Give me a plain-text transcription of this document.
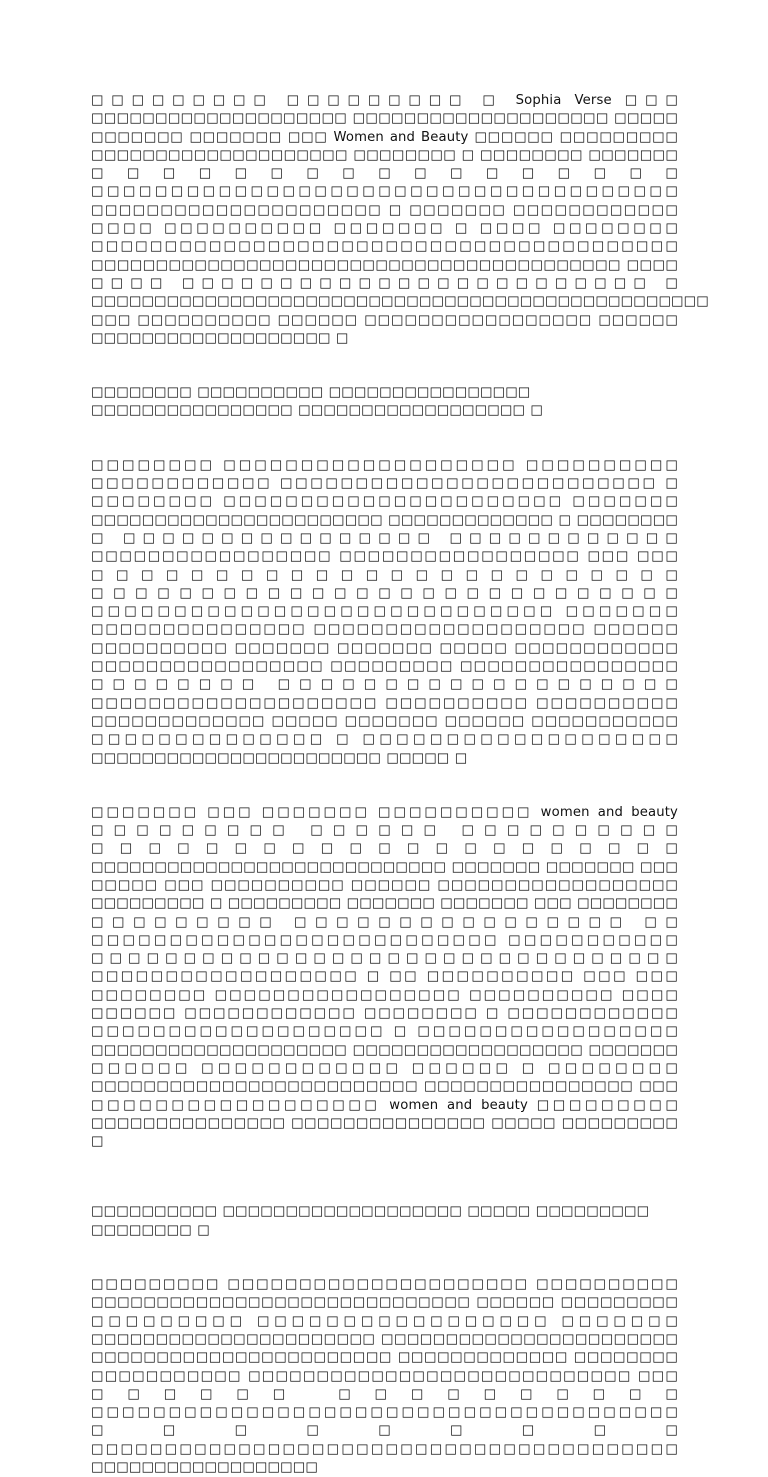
□□□□□□□□□ □□□□□□□□□ □ Sophia Verse □□□ □□□□□□□□□□□□□□□□□□□□ □□□□□□□□□□□□□□□□□□□□ □□□□□ □□□□□□□ □□□□□□□ □□□ Women and Beauty □□□□□□ □□□□□□□□□ □□□□□□□□□□□□□□□□□□□□ □□□□□□□□ □ □□□□□□□□ □□□□□□□ □□□□□□□□□□□□□□□□□ □□□□□□□□□□□□□□□□□□□□□□□□□□□□□□□□□□□□□ □□□□□□□□□□□□□□□□□□□□□ □ □□□□□□□ □□□□□□□□□□□□ □□□□ □□□□□□□□□□ □□□□□□□ □ □□□□ □□□□□□□□ □□□□□□□□□□□□□□□□□□□□□□□□□□□□□□□□□□□□□□□□ □□□□□□□□□□□□□□□□□□□□□□□□□□□□□□□□□□□□□□□□□ □□□□ □□□□ □□□□□□□□□□□□□□□□□□□□□□□□ □ □□□□□□□□□□□□□□□□□□□□□□□□□□□□□□□□□□□□□□□□□□□□□□□□□ □□□ □□□□□□□□□□ □□□□□□ □□□□□□□□□□□□□□□□□ □□□□□□ □□□□□□□□□□□□□□□□□□□ □

□□□□□□□□ □□□□□□□□□□ □□□□□□□□□□□□□□□□ □□□□□□□□□□□□□□□□ □□□□□□□□□□□□□□□□□□ □

□□□□□□□□ □□□□□□□□□□□□□□□□□□□ □□□□□□□□□□ □□□□□□□□□□□□ □□□□□□□□□□□□□□□□□□□□□□□□□ □ □□□□□□□□ □□□□□□□□□□□□□□□□□□□□□□ □□□□□□□ □□□□□□□□□□□□□□□□□□□□□□□ □□□□□□□□□□□□□ □ □□□□□□□□ □ □□□□□□□□□□□□□□□□ □□□□□□□□□□□□ □□□□□□□□□□□□□□□□□ □□□□□□□□□□□□□□□□□ □□□ □□□ □□□□□□□□□□□□□□□□□□□□□□□□ □□□□□□□□□□□□□□□□□□□□□□□□□□□ □□□□□□□□□□□□□□□□□□□□□□□□□□□□ □□□□□□□ □□□□□□□□□□□□□□□ □□□□□□□□□□□□□□□□□□□ □□□□□□ □□□□□□□□□□ □□□□□□□ □□□□□□□ □□□□□ □□□□□□□□□□□□ □□□□□□□□□□□□□□□□□ □□□□□□□□□ □□□□□□□□□□□□□□□□ □□□□□□□□ □□□□□□□□□□□□□□□□□□□ □□□□□□□□□□□□□□□□□□□□ □□□□□□□□□□ □□□□□□□□□□ □□□□□□□□□□□□□ □□□□□ □□□□□□□ □□□□□□ □□□□□□□□□□□ □□□□□□□□□□□□□□ □ □□□□□□□□□□□□□□□□□□□ □□□□□□□□□□□□□□□□□□□□□□□ □□□□□ □

□□□□□□□ □□□ □□□□□□□ □□□□□□□□□□ women and beauty □□□□□□□□□ □□□□□□ □□□□□□□□□□ □□□□□□□□□□□□□□□□□□□□□ □□□□□□□□□□□□□□□□□□□□□□□□□□□□ □□□□□□□ □□□□□□□ □□□ □□□□□ □□□ □□□□□□□□□□ □□□□□□ □□□□□□□□□□□□□□□□□□ □□□□□□□□□ □ □□□□□□□□□ □□□□□□□ □□□□□□□ □□□ □□□□□□□□ □□□□□□□□□ □□□□□□□□□□□□□□□□ □□ □□□□□□□□□□□□□□□□□□□□□□□□□□ □□□□□□□□□□□ □□□□□□□□□□□□□□□□□□□□□□□□□□□□□□□□ □□□□□□□□□□□□□□□□□□ □ □□ □□□□□□□□□□ □□□ □□□ □□□□□□□□ □□□□□□□□□□□□□□□□□ □□□□□□□□□□ □□□□ □□□□□□ □□□□□□□□□□□□ □□□□□□□□ □ □□□□□□□□□□□□ □□□□□□□□□□□□□□□□□□□ □ □□□□□□□□□□□□□□□□□ □□□□□□□□□□□□□□□□□□□□ □□□□□□□□□□□□□□□□□□ □□□□□□□ □□□□□□ □□□□□□□□□□□□ □□□□□□ □ □□□□□□□□ □□□□□□□□□□□□□□□□□□□□□□□□□ □□□□□□□□□□□□□□□□ □□□ □□□□□□□□□□□□□□□□□□ women and beauty □□□□□□□□□ □□□□□□□□□□□□□□□ □□□□□□□□□□□□□□□ □□□□□ □□□□□□□□□ □

□□□□□□□□□□ □□□□□□□□□□□□□□□□□□□ □□□□□ □□□□□□□□□ □□□□□□□□ □

□□□□□□□□□ □□□□□□□□□□□□□□□□□□□□□ □□□□□□□□□□ □□□□□□□□□□□□□□□□□□□□□□□□□□□□□ □□□□□□ □□□□□□□□□ □□□□□□□□□ □□□□□□□□□□□□□□□□□ □□□□□□□ □□□□□□□□□□□□□□□□□□□□□□ □□□□□□□□□□□□□□□□□□□□□□□ □□□□□□□□□□□□□□□□□□□□□□□ □□□□□□□□□□□□□ □□□□□□□□ □□□□□□□□□□□ □□□□□□□□□□□□□□□□□□□□□□□□□□□□ □□□ □□□□□□ □□□□□□□□□□ □□□□□□□□□□□□□□□□□□□□□□□□□□□□□□□□□□□□□□ □□□□□□□□□ □□□□□□□□□□□□□□□□□□□□□□□□□□□□□□□□□□□□□□□□ □□□□□□□□□□□□□□□□□□
